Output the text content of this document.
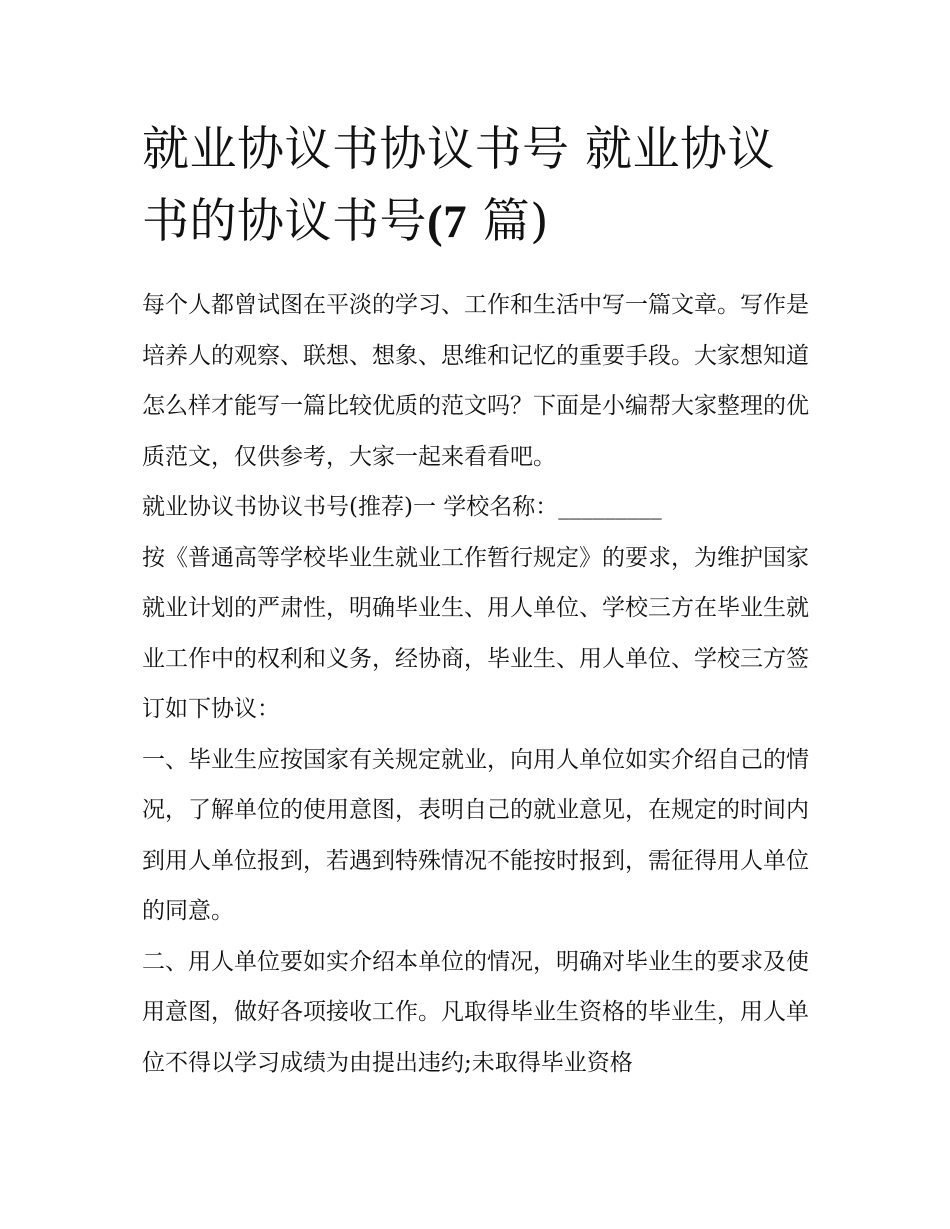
就业协议书协议书号 就业协议书的协议书号(7 篇)

每个人都曾试图在平淡的学习、工作和生活中写一篇文章。写作是培养人的观察、联想、想象、思维和记忆的重要手段。大家想知道怎么样才能写一篇比较优质的范文吗？下面是小编帮大家整理的优质范文，仅供参考，大家一起来看看吧。

就业协议书协议书号(推荐)一 学校名称：_________

按《普通高等学校毕业生就业工作暂行规定》的要求，为维护国家就业计划的严肃性，明确毕业生、用人单位、学校三方在毕业生就业工作中的权利和义务，经协商，毕业生、用人单位、学校三方签订如下协议：

一、毕业生应按国家有关规定就业，向用人单位如实介绍自己的情况，了解单位的使用意图，表明自己的就业意见，在规定的时间内到用人单位报到，若遇到特殊情况不能按时报到，需征得用人单位的同意。

二、用人单位要如实介绍本单位的情况，明确对毕业生的要求及使用意图，做好各项接收工作。凡取得毕业生资格的毕业生，用人单位不得以学习成绩为由提出违约;未取得毕业资格
